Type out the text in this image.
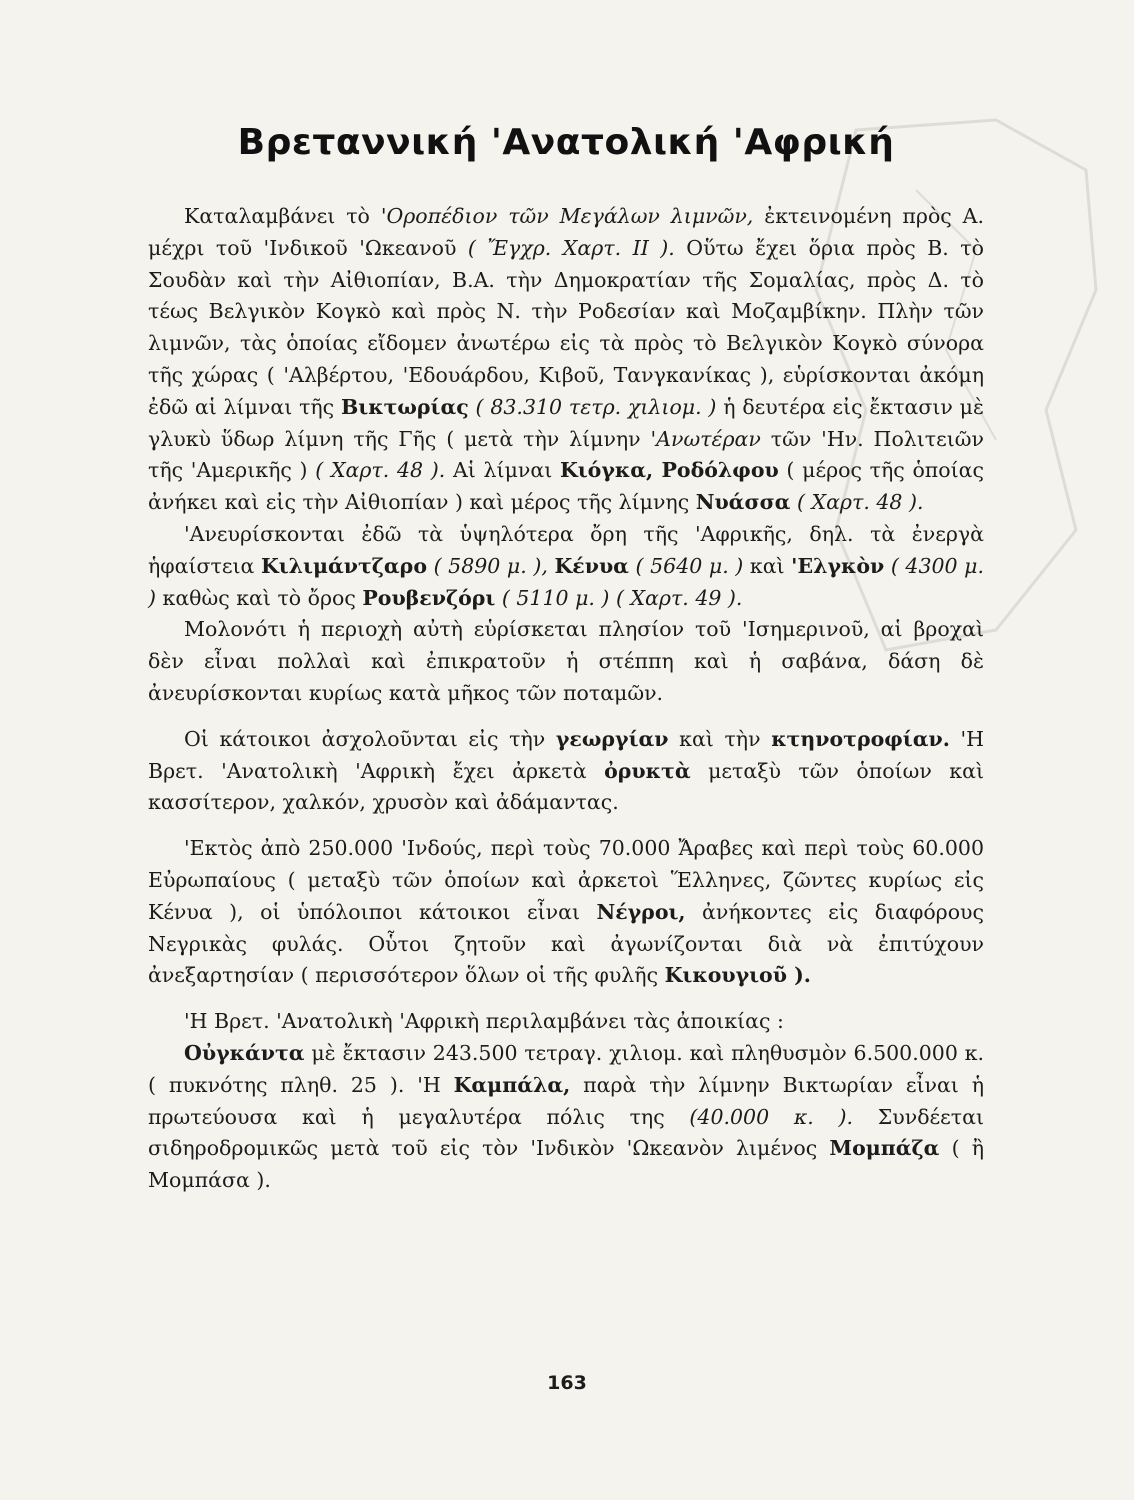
Βρεταννική 'Ανατολική 'Αφρική

Καταλαμβάνει τὸ 'Οροπέδιον τῶν Μεγάλων λιμνῶν, ἐκτεινομένη πρὸς Α. μέχρι τοῦ 'Ινδικοῦ 'Ωκεανοῦ ( Ἔγχρ. Χαρτ. ΙΙ ). Οὕτω ἔχει ὅρια πρὸς Β. τὸ Σουδὰν καὶ τὴν Αἰθιοπίαν, Β.Α. τὴν Δημοκρατίαν τῆς Σομαλίας, πρὸς Δ. τὸ τέως Βελγικὸν Κογκὸ καὶ πρὸς Ν. τὴν Ροδεσίαν καὶ Μοζαμβίκην. Πλὴν τῶν λιμνῶν, τὰς ὁποίας εἴδομεν ἀνωτέρω εἰς τὰ πρὸς τὸ Βελγικὸν Κογκὸ σύνορα τῆς χώρας ( 'Αλβέρτου, 'Εδουάρδου, Κιβοῦ, Τανγκανίκας ), εὑρίσκονται ἀκόμη ἐδῶ αἱ λίμναι τῆς Βικτωρίας ( 83.310 τετρ. χιλιομ. ) ἡ δευτέρα εἰς ἔκτασιν μὲ γλυκὺ ὕδωρ λίμνη τῆς Γῆς ( μετὰ τὴν λίμνην 'Ανωτέραν τῶν 'Ην. Πολιτειῶν τῆς 'Αμερικῆς ) ( Χαρτ. 48 ). Αἱ λίμναι Κιόγκα, Ροδόλφου ( μέρος τῆς ὁποίας ἀνήκει καὶ εἰς τὴν Αἰθιοπίαν ) καὶ μέρος τῆς λίμνης Νυάσσα ( Χαρτ. 48 ).

'Ανευρίσκονται ἐδῶ τὰ ὑψηλότερα ὄρη τῆς 'Αφρικῆς, δηλ. τὰ ἐνεργὰ ἡφαίστεια Κιλιμάντζαρο ( 5890 μ. ), Κένυα ( 5640 μ. ) καὶ 'Ελγκὸν ( 4300 μ. ) καθὼς καὶ τὸ ὄρος Ρουβενζόρι ( 5110 μ. ) ( Χαρτ. 49 ).

Μολονότι ἡ περιοχὴ αὐτὴ εὑρίσκεται πλησίον τοῦ 'Ισημερινοῦ, αἱ βροχαὶ δὲν εἶναι πολλαὶ καὶ ἐπικρατοῦν ἡ στέππη καὶ ἡ σαβάνα, δάση δὲ ἀνευρίσκονται κυρίως κατὰ μῆκος τῶν ποταμῶν.

Οἱ κάτοικοι ἀσχολοῦνται εἰς τὴν γεωργίαν καὶ τὴν κτηνοτροφίαν. 'Η Βρετ. 'Ανατολικὴ 'Αφρικὴ ἔχει ἀρκετὰ ὀρυκτὰ μεταξὺ τῶν ὁποίων καὶ κασσίτερον, χαλκόν, χρυσὸν καὶ ἀδάμαντας.

'Εκτὸς ἀπὸ 250.000 'Ινδούς, περὶ τοὺς 70.000 Ἄραβες καὶ περὶ τοὺς 60.000 Εὐρωπαίους ( μεταξὺ τῶν ὁποίων καὶ ἀρκετοὶ Ἕλληνες, ζῶντες κυρίως εἰς Κένυα ), οἱ ὑπόλοιποι κάτοικοι εἶναι Νέγροι, ἀνήκοντες εἰς διαφόρους Νεγρικὰς φυλάς. Οὗτοι ζητοῦν καὶ ἀγωνίζονται διὰ νὰ ἐπιτύχουν ἀνεξαρτησίαν ( περισσότερον ὅλων οἱ τῆς φυλῆς Κικουγιοῦ ).

'Η Βρετ. 'Ανατολικὴ 'Αφρικὴ περιλαμβάνει τὰς ἀποικίας :

Οὐγκάντα μὲ ἔκτασιν 243.500 τετραγ. χιλιομ. καὶ πληθυσμὸν 6.500.000 κ. ( πυκνότης πληθ. 25 ). 'Η Καμπάλα, παρὰ τὴν λίμνην Βικτωρίαν εἶναι ἡ πρωτεύουσα καὶ ἡ μεγαλυτέρα πόλις της (40.000 κ. ). Συνδέεται σιδηροδρομικῶς μετὰ τοῦ εἰς τὸν 'Ινδικὸν 'Ωκεανὸν λιμένος Μομπάζα ( ἢ Μομπάσα ).

163
